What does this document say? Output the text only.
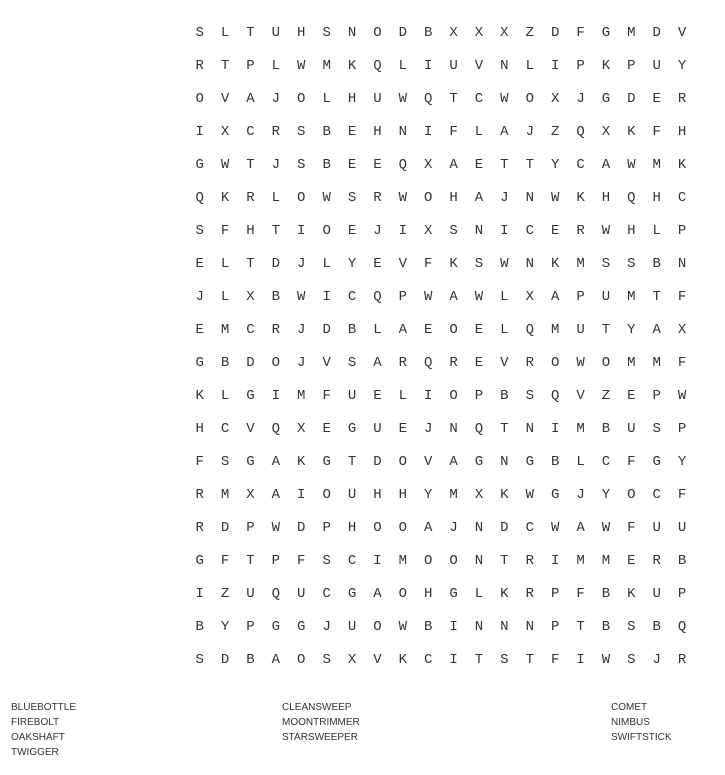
S	L	T	U	H	S	N	O	D	B	X	X	X	Z	D	F	G	M	D	V
R	T	P	L	W	M	K	Q	L	I	U	V	N	L	I	P	K	P	U	Y
O	V	A	J	O	L	H	U	W	Q	T	C	W	O	X	J	G	D	E	R
I	X	C	R	S	B	E	H	N	I	F	L	A	J	Z	Q	X	K	F	H
G	W	T	J	S	B	E	E	Q	X	A	E	T	T	Y	C	A	W	M	K
Q	K	R	L	O	W	S	R	W	O	H	A	J	N	W	K	H	Q	H	C
S	F	H	T	I	O	E	J	I	X	S	N	I	C	E	R	W	H	L	P
E	L	T	D	J	L	Y	E	V	F	K	S	W	N	K	M	S	S	B	N
J	L	X	B	W	I	C	Q	P	W	A	W	L	X	A	P	U	M	T	F
E	M	C	R	J	D	B	L	A	E	O	E	L	Q	M	U	T	Y	A	X
G	B	D	O	J	V	S	A	R	Q	R	E	V	R	O	W	O	M	M	F
K	L	G	I	M	F	U	E	L	I	O	P	B	S	Q	V	Z	E	P	W
H	C	V	Q	X	E	G	U	E	J	N	Q	T	N	I	M	B	U	S	P
F	S	G	A	K	G	T	D	O	V	A	G	N	G	B	L	C	F	G	Y
R	M	X	A	I	O	U	H	H	Y	M	X	K	W	G	J	Y	O	C	F
R	D	P	W	D	P	H	O	O	A	J	N	D	C	W	A	W	F	U	U
G	F	T	P	F	S	C	I	M	O	O	N	T	R	I	M	M	E	R	B
I	Z	U	Q	U	C	G	A	O	H	G	L	K	R	P	F	B	K	U	P
B	Y	P	G	G	J	U	O	W	B	I	N	N	N	P	T	B	S	B	Q
S	D	B	A	O	S	X	V	K	C	I	T	S	T	F	I	W	S	J	R
BLUEBOTTLE
FIREBOLT
OAKSHAFT
TWIGGER
CLEANSWEEP
MOONTRIMMER
STARSWEEPER
COMET
NIMBUS
SWIFTSTICK
